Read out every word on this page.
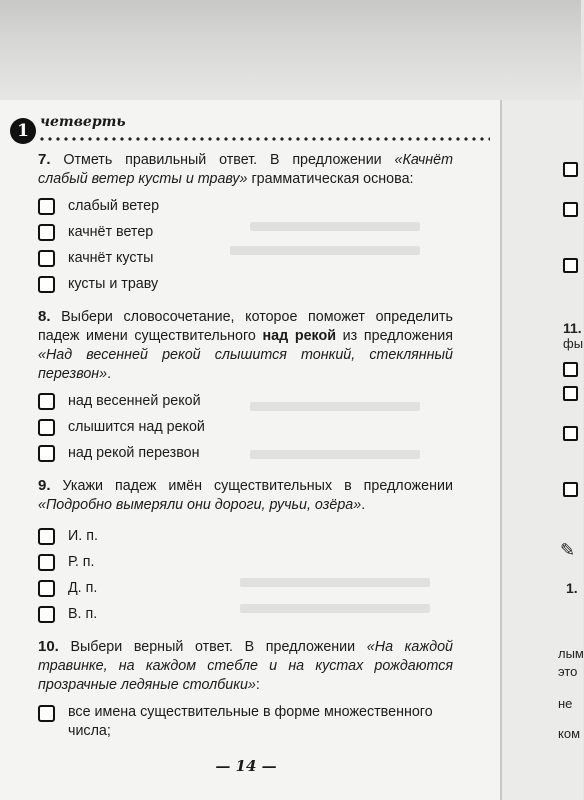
1 четверть
7. Отметь правильный ответ. В предложении «Качнёт слабый ветер кусты и траву» грамматическая основа:
слабый ветер
качнёт ветер
качнёт кусты
кусты и траву
8. Выбери словосочетание, которое поможет определить падеж имени существительного над рекой из предложения «Над весенней рекой слышится тонкий, стеклянный перезвон».
над весенней рекой
слышится над рекой
над рекой перезвон
9. Укажи падеж имён существительных в предложении «Подробно вымеряли они дороги, ручьи, озёра».
И. п.
Р. п.
Д. п.
В. п.
10. Выбери верный ответ. В предложении «На каждой травинке, на каждом стебле и на кустах рождаются прозрачные ледяные столбики»:
все имена существительные в форме множественного числа;
— 14 —
11.
фы
✎
1.
лым
это
не
ком
